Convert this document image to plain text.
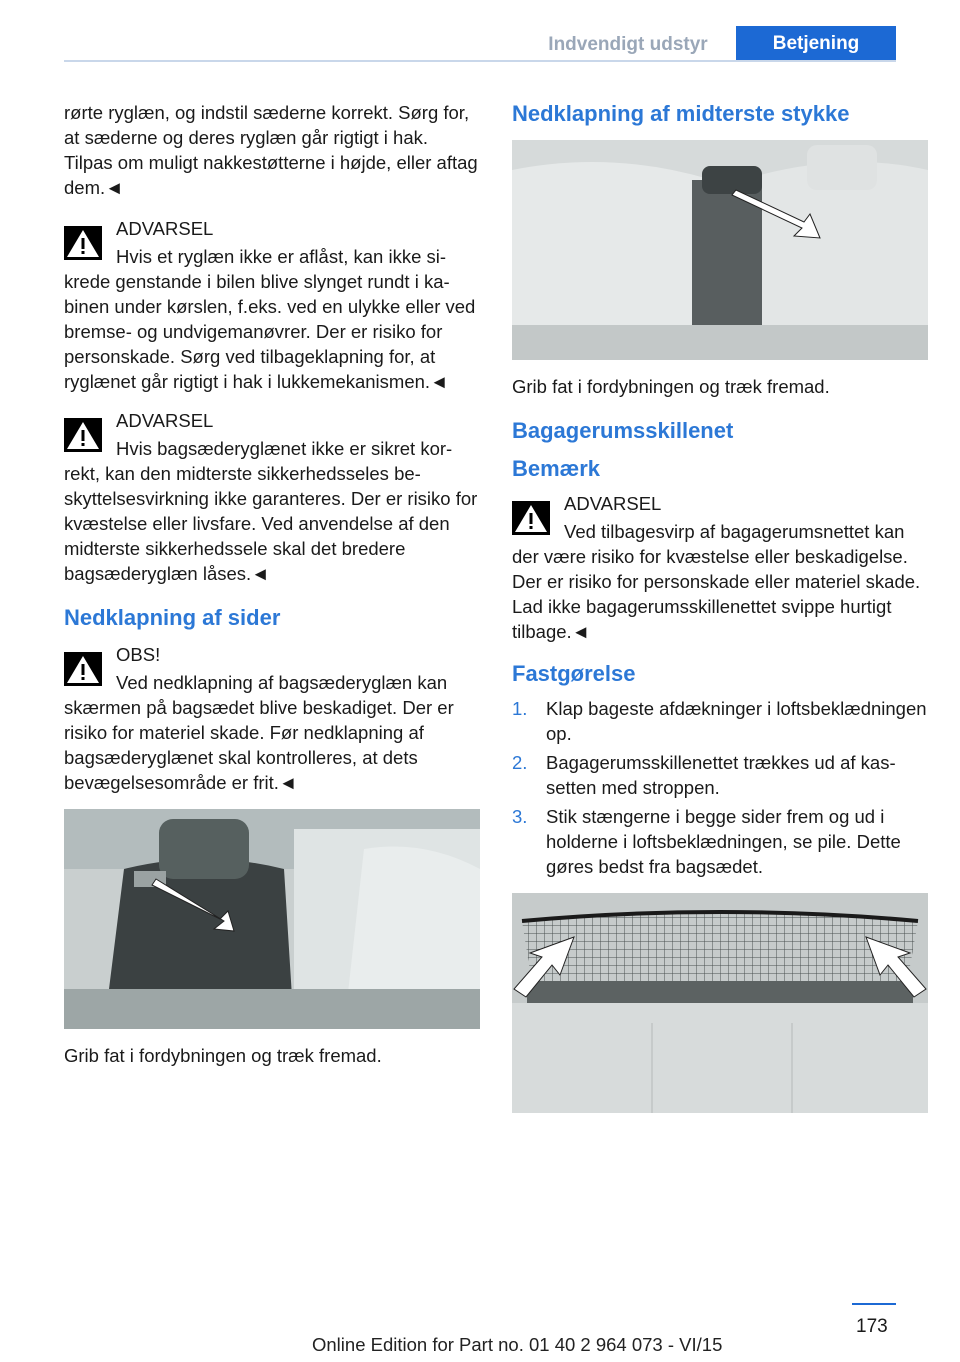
Indvendigt udstyr	Betjening

rørte ryglæn, og indstil sæderne korrekt. Sørg for, at sæderne og deres ryglæn går rigtigt i hak. Tilpas om muligt nakkestøtterne i højde, eller aftag dem.◄

ADVARSEL

Hvis et ryglæn ikke er aflåst, kan ikke sikrede genstande i bilen blive slynget rundt i kabinen under kørslen, f.eks. ved en ulykke eller ved bremse- og undvigemanøvrer. Der er risiko for personskade. Sørg ved tilbageklapning for, at ryglænet går rigtigt i hak i lukkemekanismen.◄

ADVARSEL

Hvis bagsæderyglænet ikke er sikret korrekt, kan den midterste sikkerhedsseles beskyttelsesvirkning ikke garanteres. Der er risiko for kvæstelse eller livsfare. Ved anvendelse af den midterste sikkerhedssele skal det bredere bagsæderyglæn låses.◄

Nedklapning af sider
OBS!

Ved nedklapning af bagsæderyglæn kan skærmen på bagsædet blive beskadiget. Der er risiko for materiel skade. Før nedklapning af bagsæderyglænet skal kontrolleres, at dets bevægelsesområde er frit.◄

Grib fat i fordybningen og træk fremad.
Nedklapning af midterste stykke
Grib fat i fordybningen og træk fremad.
Bagagerumsskillenet
Bemærk
ADVARSEL

Ved tilbagesvirp af bagagerumsnettet kan der være risiko for kvæstelse eller beskadigelse. Der er risiko for personskade eller materiel skade. Lad ikke bagagerumsskillenettet svippe hurtigt tilbage.◄

Fastgørelse
1. Klap bageste afdækninger i loftsbeklædningen op.
2. Bagagerumsskillenettet trækkes ud af kassetten med stroppen.
3. Stik stængerne i begge sider frem og ud i holderne i loftsbeklædningen, se pile. Dette gøres bedst fra bagsædet.
173
Online Edition for Part no. 01 40 2 964 073 - VI/15
